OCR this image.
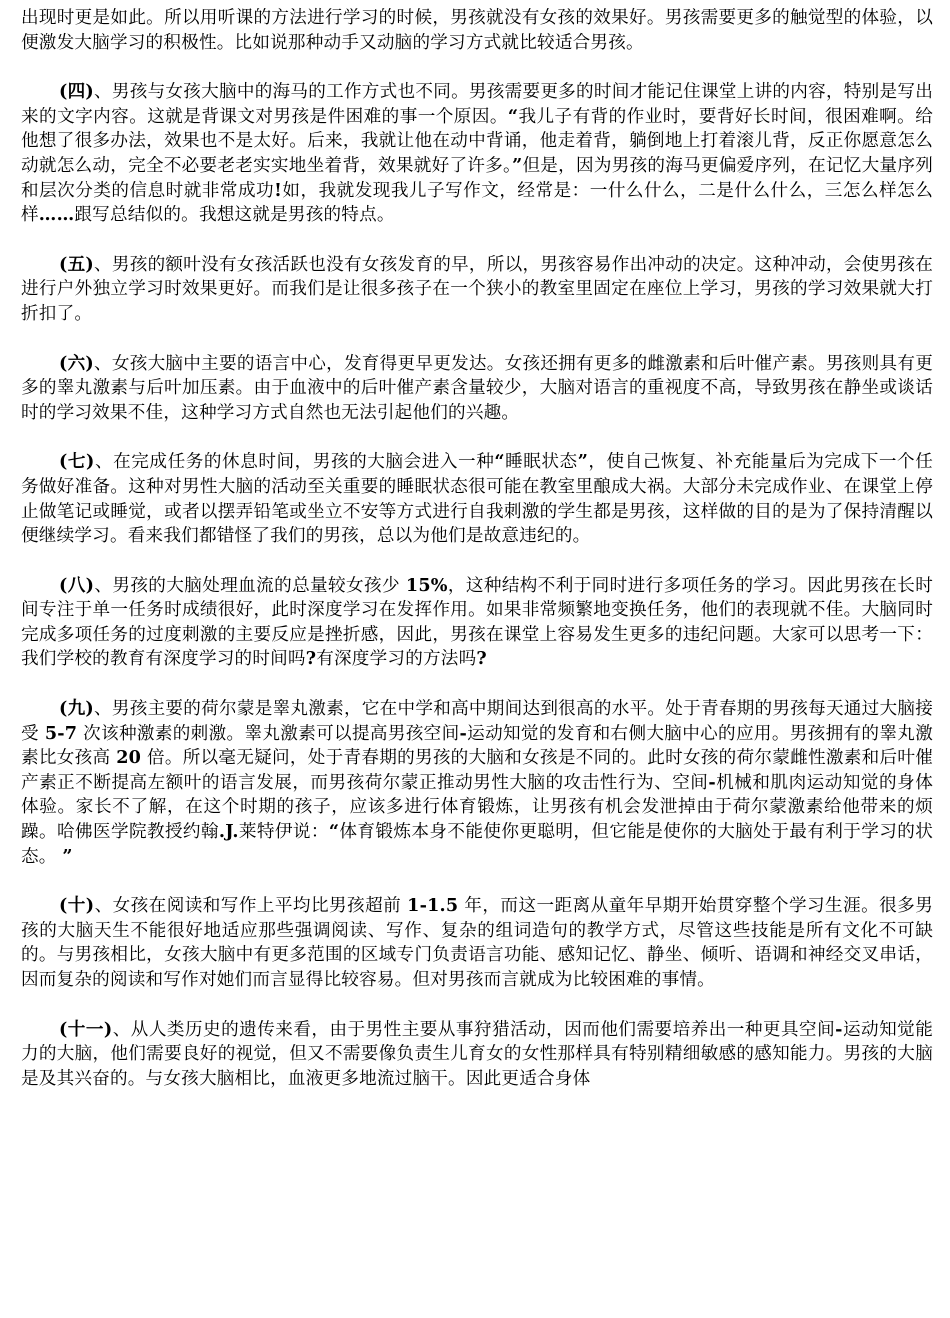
出现时更是如此。所以用听课的方法进行学习的时候，男孩就没有女孩的效果好。男孩需要更多的触觉型的体验，以便激发大脑学习的积极性。比如说那种动手又动脑的学习方式就比较适合男孩。

(四)、男孩与女孩大脑中的海马的工作方式也不同。男孩需要更多的时间才能记住课堂上讲的内容，特别是写出来的文字内容。这就是背课文对男孩是件困难的事一个原因。“我儿子有背的作业时，要背好长时间，很困难啊。给他想了很多办法，效果也不是太好。后来，我就让他在动中背诵，他走着背，躺倒地上打着滚儿背，反正你愿意怎么动就怎么动，完全不必要老老实实地坐着背，效果就好了许多。”但是，因为男孩的海马更偏爱序列，在记忆大量序列和层次分类的信息时就非常成功!如，我就发现我儿子写作文，经常是：一什么什么，二是什么什么，三怎么样怎么样……跟写总结似的。我想这就是男孩的特点。

(五)、男孩的额叶没有女孩活跃也没有女孩发育的早，所以，男孩容易作出冲动的决定。这种冲动，会使男孩在进行户外独立学习时效果更好。而我们是让很多孩子在一个狭小的教室里固定在座位上学习，男孩的学习效果就大打折扣了。

(六)、女孩大脑中主要的语言中心，发育得更早更发达。女孩还拥有更多的雌激素和后叶催产素。男孩则具有更多的睾丸激素与后叶加压素。由于血液中的后叶催产素含量较少，大脑对语言的重视度不高，导致男孩在静坐或谈话时的学习效果不佳，这种学习方式自然也无法引起他们的兴趣。

(七)、在完成任务的休息时间，男孩的大脑会进入一种“睡眠状态”，使自己恢复、补充能量后为完成下一个任务做好准备。这种对男性大脑的活动至关重要的睡眠状态很可能在教室里酿成大祸。大部分未完成作业、在课堂上停止做笔记或睡觉，或者以摆弄铅笔或坐立不安等方式进行自我刺激的学生都是男孩，这样做的目的是为了保持清醒以便继续学习。看来我们都错怪了我们的男孩，总以为他们是故意违纪的。

(八)、男孩的大脑处理血流的总量较女孩少 15%，这种结构不利于同时进行多项任务的学习。因此男孩在长时间专注于单一任务时成绩很好，此时深度学习在发挥作用。如果非常频繁地变换任务，他们的表现就不佳。大脑同时完成多项任务的过度刺激的主要反应是挫折感，因此，男孩在课堂上容易发生更多的违纪问题。大家可以思考一下：我们学校的教育有深度学习的时间吗?有深度学习的方法吗?

(九)、男孩主要的荷尔蒙是睾丸激素，它在中学和高中期间达到很高的水平。处于青春期的男孩每天通过大脑接受 5-7 次该种激素的刺激。睾丸激素可以提高男孩空间-运动知觉的发育和右侧大脑中心的应用。男孩拥有的睾丸激素比女孩高 20 倍。所以毫无疑问，处于青春期的男孩的大脑和女孩是不同的。此时女孩的荷尔蒙雌性激素和后叶催产素正不断提高左额叶的语言发展，而男孩荷尔蒙正推动男性大脑的攻击性行为、空间-机械和肌肉运动知觉的身体体验。家长不了解，在这个时期的孩子，应该多进行体育锻炼，让男孩有机会发泄掉由于荷尔蒙激素给他带来的烦躁。哈佛医学院教授约翰.J.莱特伊说：“体育锻炼本身不能使你更聪明，但它能是使你的大脑处于最有利于学习的状态。 ”

(十)、女孩在阅读和写作上平均比男孩超前 1-1.5 年，而这一距离从童年早期开始贯穿整个学习生涯。很多男孩的大脑天生不能很好地适应那些强调阅读、写作、复杂的组词造句的教学方式，尽管这些技能是所有文化不可缺的。与男孩相比，女孩大脑中有更多范围的区域专门负责语言功能、感知记忆、静坐、倾听、语调和神经交叉串话，因而复杂的阅读和写作对她们而言显得比较容易。但对男孩而言就成为比较困难的事情。

(十一)、从人类历史的遗传来看，由于男性主要从事狩猎活动，因而他们需要培养出一种更具空间-运动知觉能力的大脑，他们需要良好的视觉，但又不需要像负责生儿育女的女性那样具有特别精细敏感的感知能力。男孩的大脑是及其兴奋的。与女孩大脑相比，血液更多地流过脑干。因此更适合身体
